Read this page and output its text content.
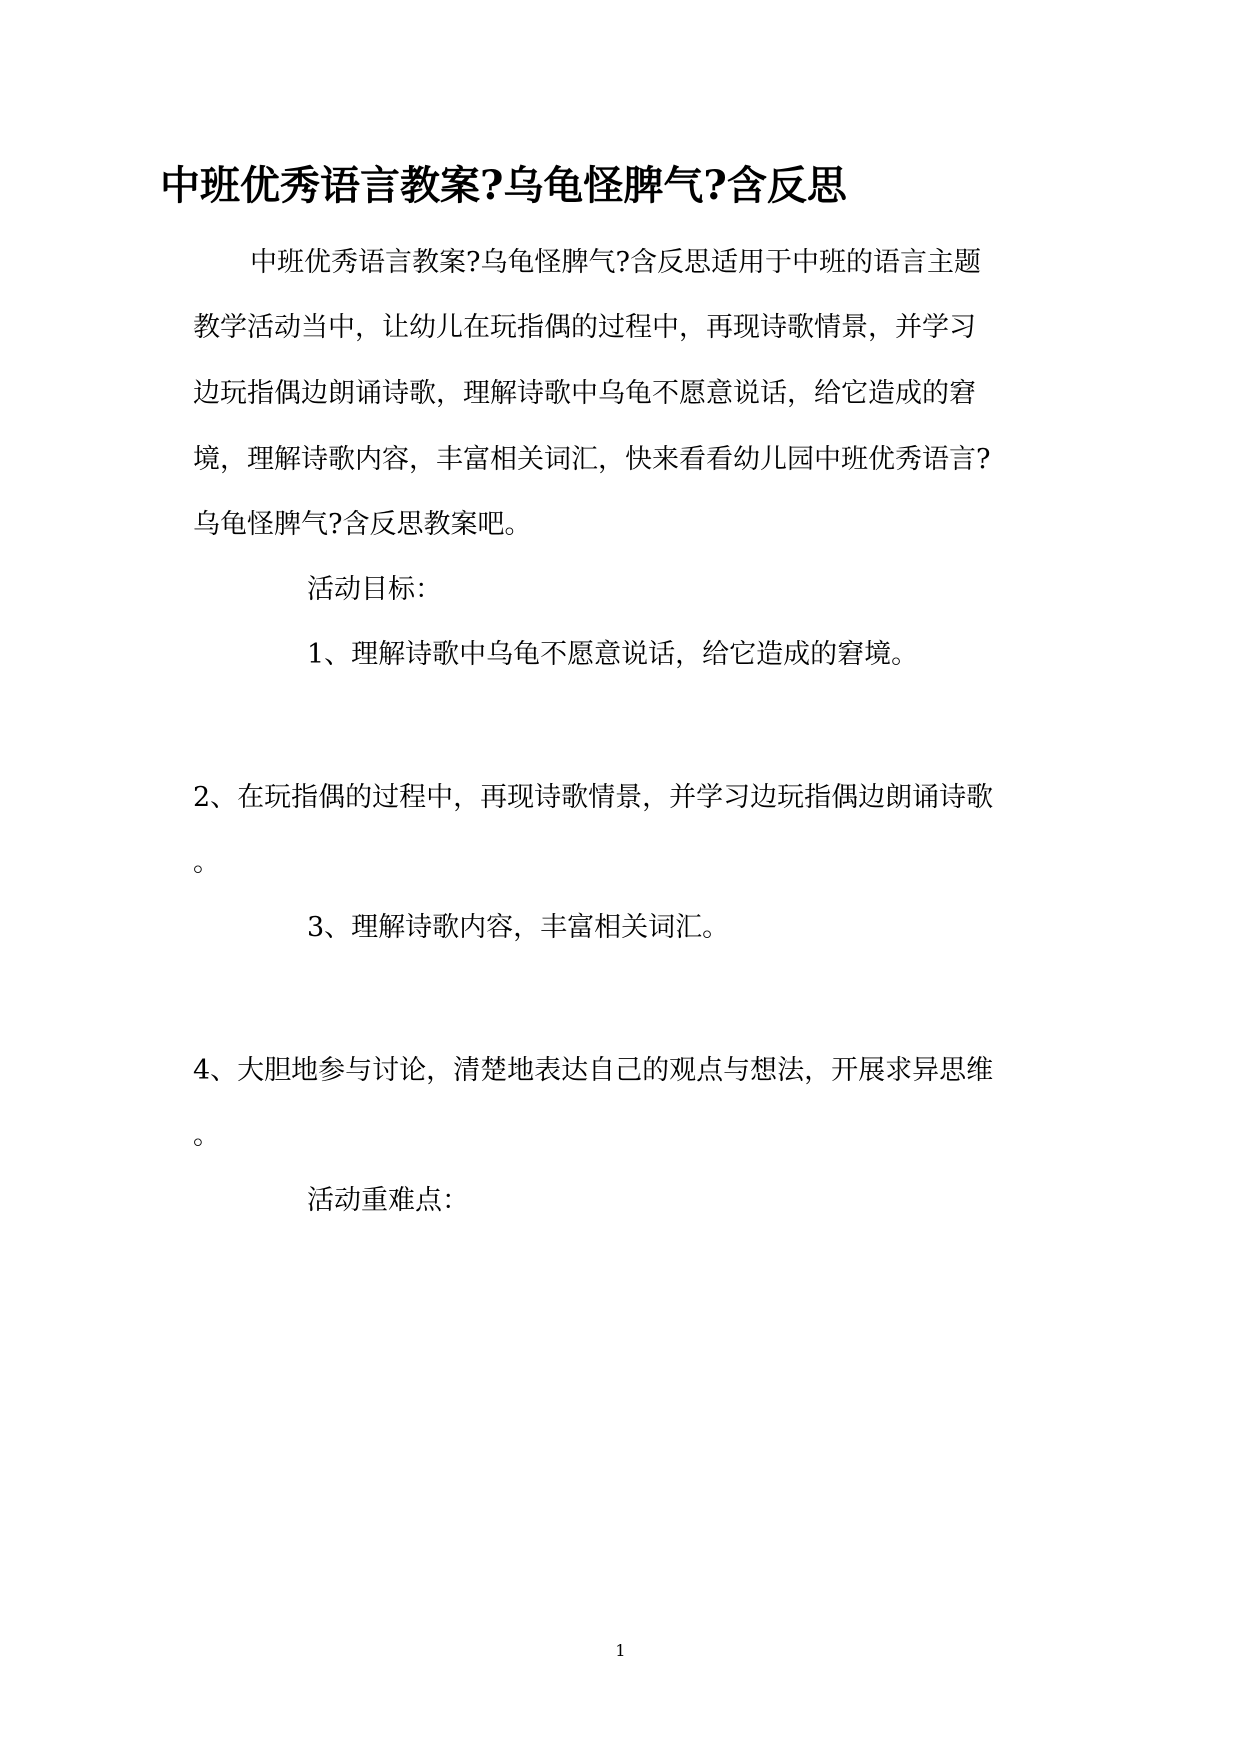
中班优秀语言教案?乌龟怪脾气?含反思

中班优秀语言教案?乌龟怪脾气?含反思适用于中班的语言主题

教学活动当中，让幼儿在玩指偶的过程中，再现诗歌情景，并学习

边玩指偶边朗诵诗歌，理解诗歌中乌龟不愿意说话，给它造成的窘

境，理解诗歌内容，丰富相关词汇，快来看看幼儿园中班优秀语言?

乌龟怪脾气?含反思教案吧。

活动目标：

1、理解诗歌中乌龟不愿意说话，给它造成的窘境。

2、在玩指偶的过程中，再现诗歌情景，并学习边玩指偶边朗诵诗歌

。

3、理解诗歌内容，丰富相关词汇。

4、大胆地参与讨论，清楚地表达自己的观点与想法，开展求异思维

。

活动重难点：

1
